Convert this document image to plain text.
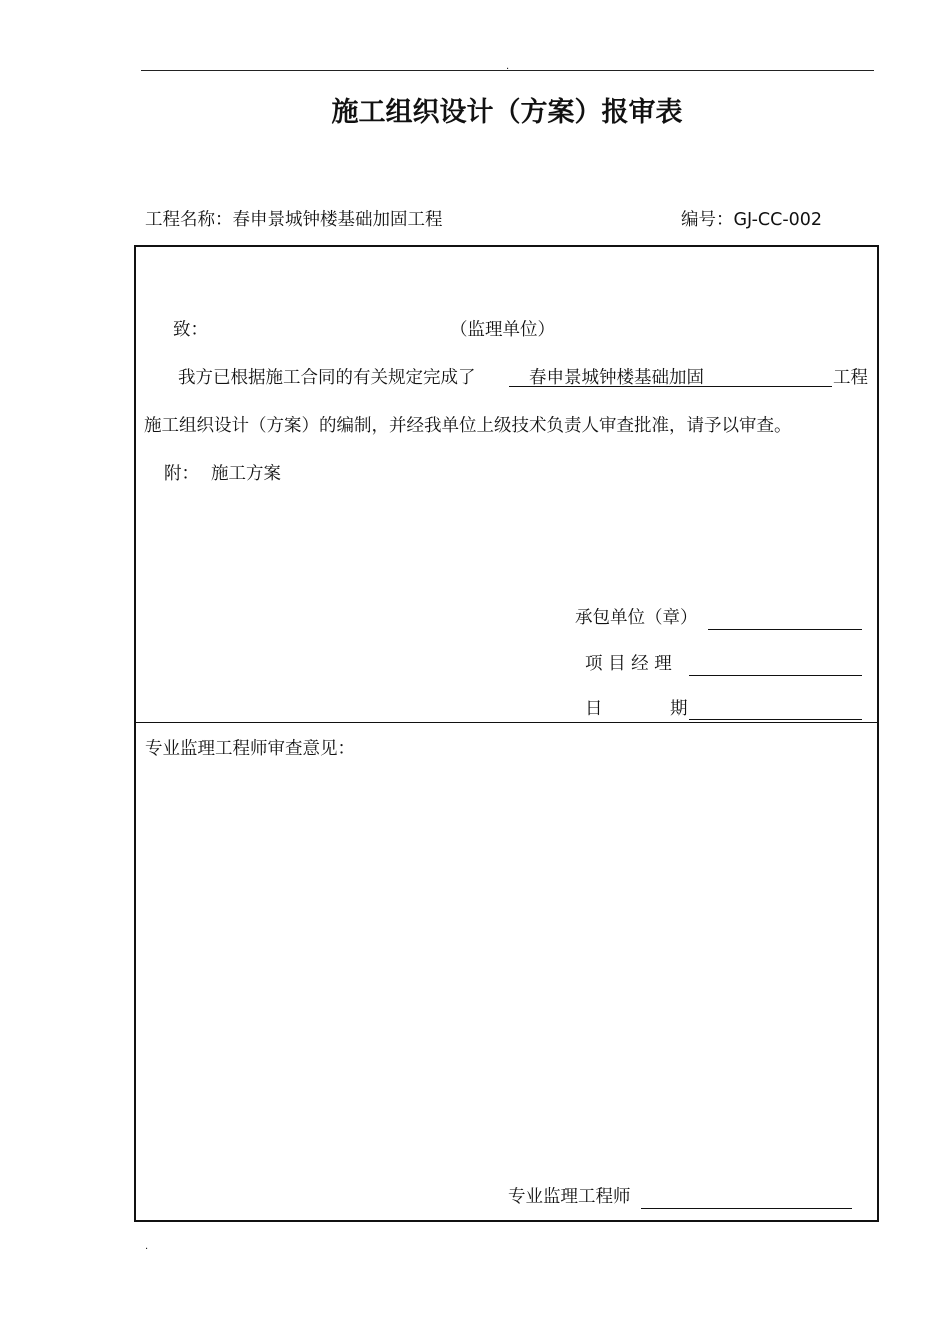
.
施工组织设计（方案）报审表
工程名称：春申景城钟楼基础加固工程	编号：GJ-CC-002
致：	（监理单位）
我方已根据施工合同的有关规定完成了	春申景城钟楼基础加固	工程
施工组织设计（方案）的编制，并经我单位上级技术负责人审查批准，请予以审查。
附： 施工方案
承包单位（章）
项 目 经 理
日	期
专业监理工程师审查意见：
专业监理工程师
.
